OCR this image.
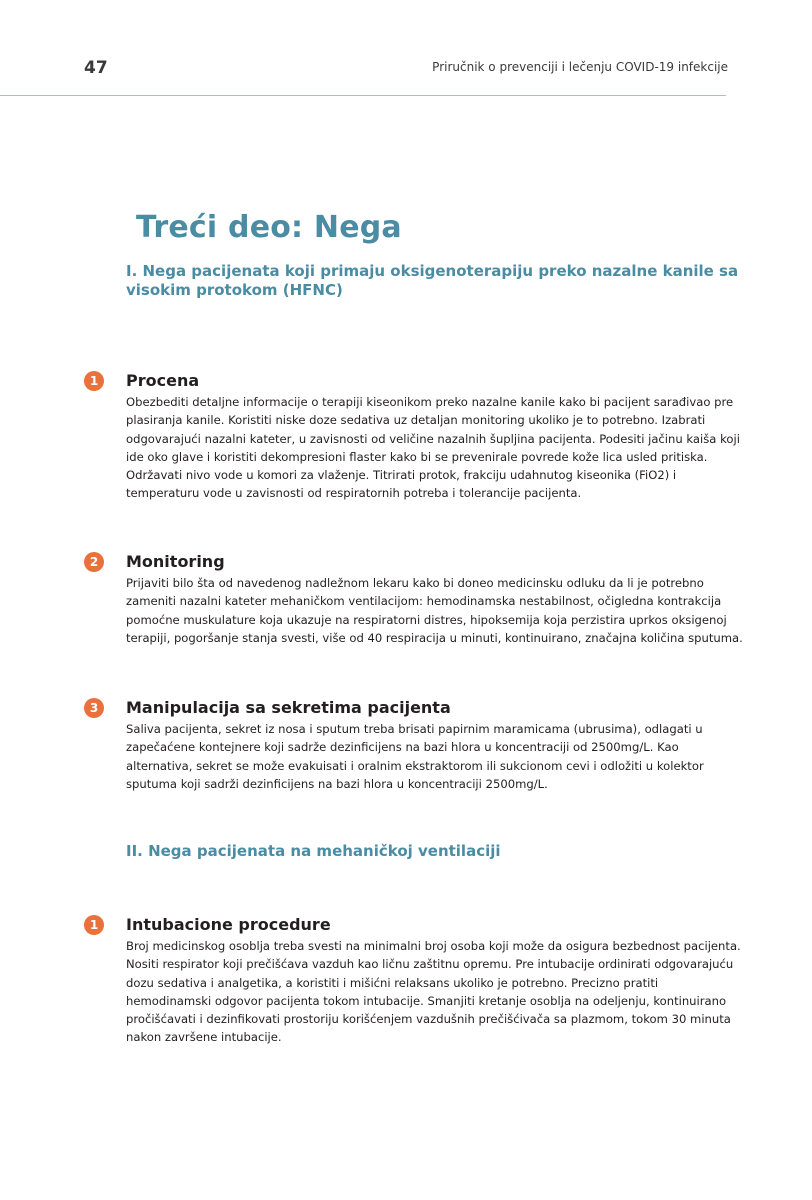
47	Priručnik o prevenciji i lečenju COVID-19 infekcije
Treći deo: Nega
I. Nega pacijenata koji primaju oksigenoterapiju preko nazalne kanile sa visokim protokom (HFNC)
1	Procena
Obezbediti detaljne informacije o terapiji kiseonikom preko nazalne kanile kako bi pacijent sarađivao pre plasiranja kanile. Koristiti niske doze sedativa uz detaljan monitoring ukoliko je to potrebno. Izabrati odgovarajući nazalni kateter, u zavisnosti od veličine nazalnih šupljina pacijenta. Podesiti jačinu kaiša koji ide oko glave i koristiti dekompresioni flaster kako bi se prevenirale povrede kože lica usled pritiska. Održavati nivo vode u komori za vlaženje. Titrirati protok, frakciju udahnutog kiseonika (FiO2) i temperaturu vode u zavisnosti od respiratornih potreba i tolerancije pacijenta.
2	Monitoring
Prijaviti bilo šta od navedenog nadležnom lekaru kako bi doneo medicinsku odluku da li je potrebno zameniti nazalni kateter mehaničkom ventilacijom: hemodinamska nestabilnost, očigledna kontrakcija pomoćne muskulature koja ukazuje na respiratorni distres, hipoksemija koja perzistira uprkos oksigenoj terapiji, pogoršanje stanja svesti, više od 40 respiracija u minuti, kontinuirano, značajna količina sputuma.
3	Manipulacija sa sekretima pacijenta
Saliva pacijenta, sekret iz nosa i sputum treba brisati papirnim maramicama (ubrusima), odlagati u zapečaćene kontejnere koji sadrže dezinficijens na bazi hlora u koncentraciji od 2500mg/L. Kao alternativa, sekret se može evakuisati i oralnim ekstraktorom ili sukcionom cevi i odložiti u kolektor sputuma koji sadrži dezinficijens na bazi hlora u koncentraciji 2500mg/L.
II. Nega pacijenata na mehaničkoj ventilaciji
1	Intubacione procedure
Broj medicinskog osoblja treba svesti na minimalni broj osoba koji može da osigura bezbednost pacijenta. Nositi respirator koji prečišćava vazduh kao ličnu zaštitnu opremu. Pre intubacije ordinirati odgovarajuću dozu sedativa i analgetika, a koristiti i mišićni relaksans ukoliko je potrebno. Precizno pratiti hemodinamski odgovor pacijenta tokom intubacije. Smanjiti kretanje osoblja na odeljenju, kontinuirano pročišćavati i dezinfikovati prostoriju korišćenjem vazdušnih prečišćivača sa plazmom, tokom 30 minuta nakon završene intubacije.
